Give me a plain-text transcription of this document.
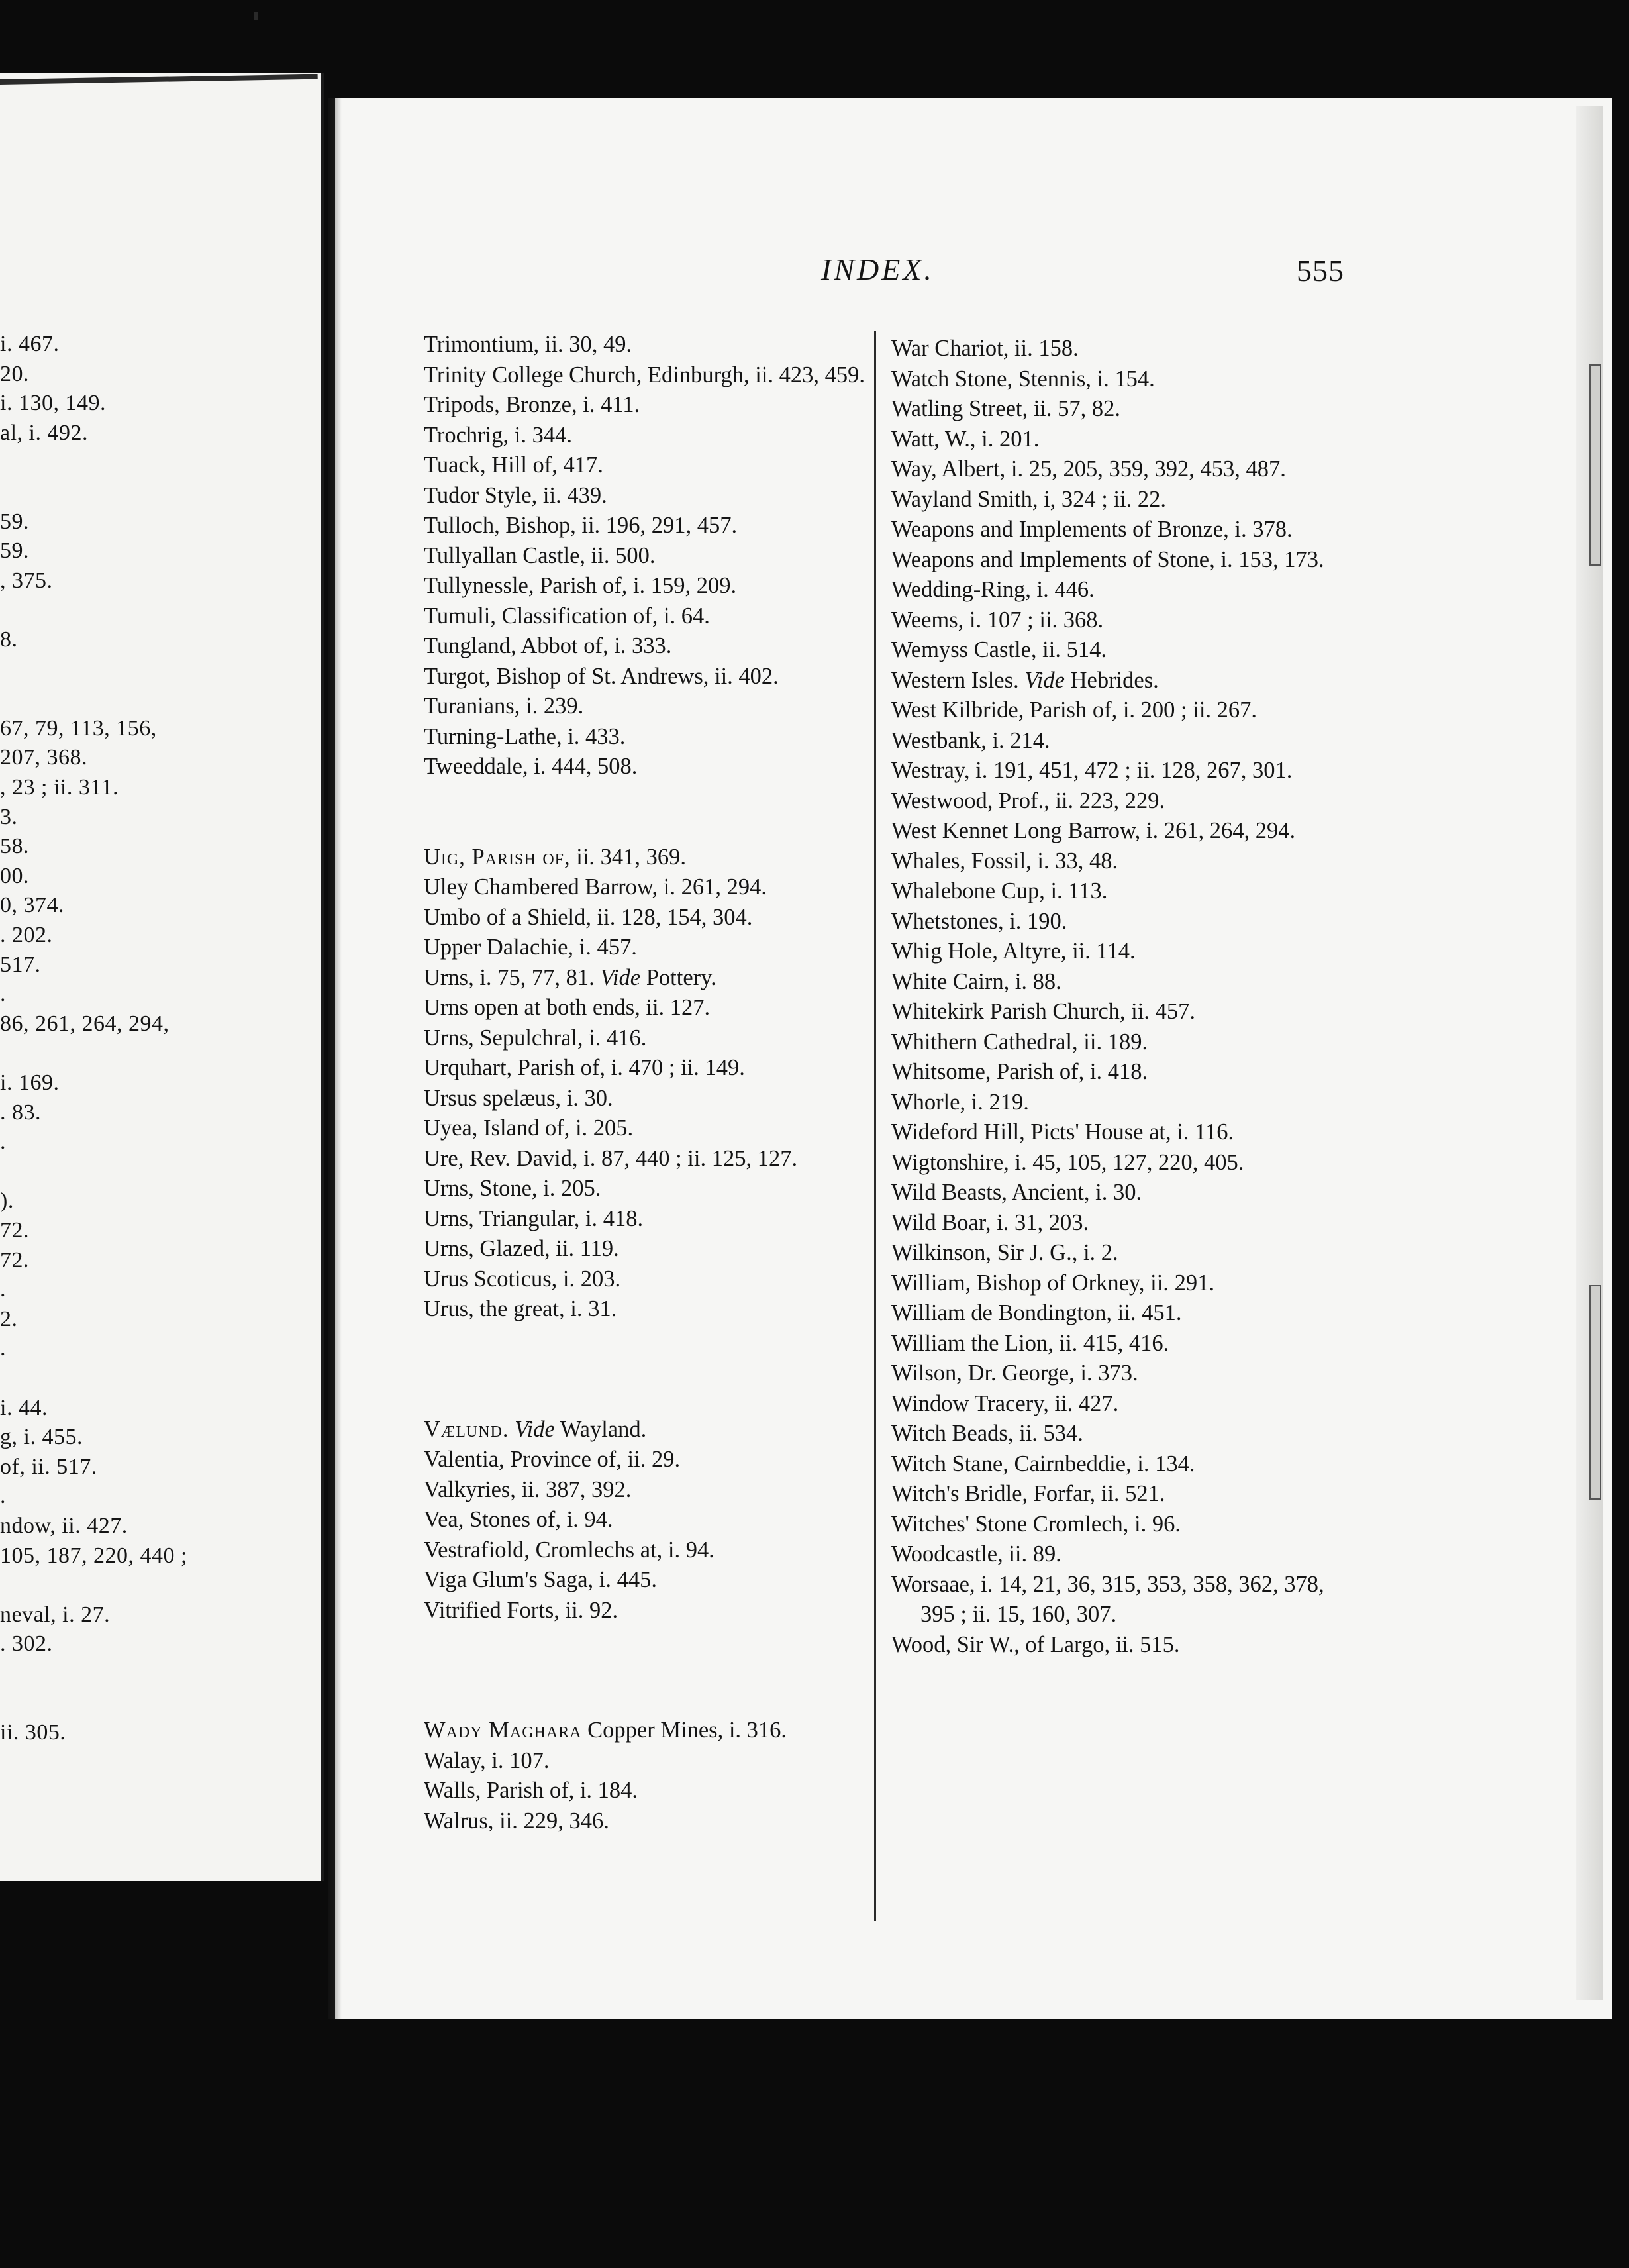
i. 467.
20.
i. 130, 149.
al, i. 492.
59.
59.
, 375.
8.
67, 79, 113, 156,
207, 368.
, 23 ; ii. 311.
3.
58.
00.
0, 374.
. 202.
517.
.
86, 261, 264, 294,
i. 169.
. 83.
.
).
72.
72.
.
2.
.
i. 44.
g, i. 455.
of, ii. 517.
.
ndow, ii. 427.
105, 187, 220, 440 ;
neval, i. 27.
. 302.
ii. 305.
INDEX.	555
Trimontium, ii. 30, 49.
Trinity College Church, Edinburgh, ii. 423, 459.
Tripods, Bronze, i. 411.
Trochrig, i. 344.
Tuack, Hill of, 417.
Tudor Style, ii. 439.
Tulloch, Bishop, ii. 196, 291, 457.
Tullyallan Castle, ii. 500.
Tullynessle, Parish of, i. 159, 209.
Tumuli, Classification of, i. 64.
Tungland, Abbot of, i. 333.
Turgot, Bishop of St. Andrews, ii. 402.
Turanians, i. 239.
Turning-Lathe, i. 433.
Tweeddale, i. 444, 508.
Uig, Parish of, ii. 341, 369.
Uley Chambered Barrow, i. 261, 294.
Umbo of a Shield, ii. 128, 154, 304.
Upper Dalachie, i. 457.
Urns, i. 75, 77, 81. Vide Pottery.
Urns open at both ends, ii. 127.
Urns, Sepulchral, i. 416.
Urquhart, Parish of, i. 470 ; ii. 149.
Ursus spelæus, i. 30.
Uyea, Island of, i. 205.
Ure, Rev. David, i. 87, 440 ; ii. 125, 127.
Urns, Stone, i. 205.
Urns, Triangular, i. 418.
Urns, Glazed, ii. 119.
Urus Scoticus, i. 203.
Urus, the great, i. 31.
Vælund. Vide Wayland.
Valentia, Province of, ii. 29.
Valkyries, ii. 387, 392.
Vea, Stones of, i. 94.
Vestrafiold, Cromlechs at, i. 94.
Viga Glum's Saga, i. 445.
Vitrified Forts, ii. 92.
Wady Maghara Copper Mines, i. 316.
Walay, i. 107.
Walls, Parish of, i. 184.
Walrus, ii. 229, 346.
War Chariot, ii. 158.
Watch Stone, Stennis, i. 154.
Watling Street, ii. 57, 82.
Watt, W., i. 201.
Way, Albert, i. 25, 205, 359, 392, 453, 487.
Wayland Smith, i, 324 ; ii. 22.
Weapons and Implements of Bronze, i. 378.
Weapons and Implements of Stone, i. 153, 173.
Wedding-Ring, i. 446.
Weems, i. 107 ; ii. 368.
Wemyss Castle, ii. 514.
Western Isles. Vide Hebrides.
West Kilbride, Parish of, i. 200 ; ii. 267.
Westbank, i. 214.
Westray, i. 191, 451, 472 ; ii. 128, 267, 301.
Westwood, Prof., ii. 223, 229.
West Kennet Long Barrow, i. 261, 264, 294.
Whales, Fossil, i. 33, 48.
Whalebone Cup, i. 113.
Whetstones, i. 190.
Whig Hole, Altyre, ii. 114.
White Cairn, i. 88.
Whitekirk Parish Church, ii. 457.
Whithern Cathedral, ii. 189.
Whitsome, Parish of, i. 418.
Whorle, i. 219.
Wideford Hill, Picts' House at, i. 116.
Wigtonshire, i. 45, 105, 127, 220, 405.
Wild Beasts, Ancient, i. 30.
Wild Boar, i. 31, 203.
Wilkinson, Sir J. G., i. 2.
William, Bishop of Orkney, ii. 291.
William de Bondington, ii. 451.
William the Lion, ii. 415, 416.
Wilson, Dr. George, i. 373.
Window Tracery, ii. 427.
Witch Beads, ii. 534.
Witch Stane, Cairnbeddie, i. 134.
Witch's Bridle, Forfar, ii. 521.
Witches' Stone Cromlech, i. 96.
Woodcastle, ii. 89.
Worsaae, i. 14, 21, 36, 315, 353, 358, 362, 378, 395 ; ii. 15, 160, 307.
Wood, Sir W., of Largo, ii. 515.
